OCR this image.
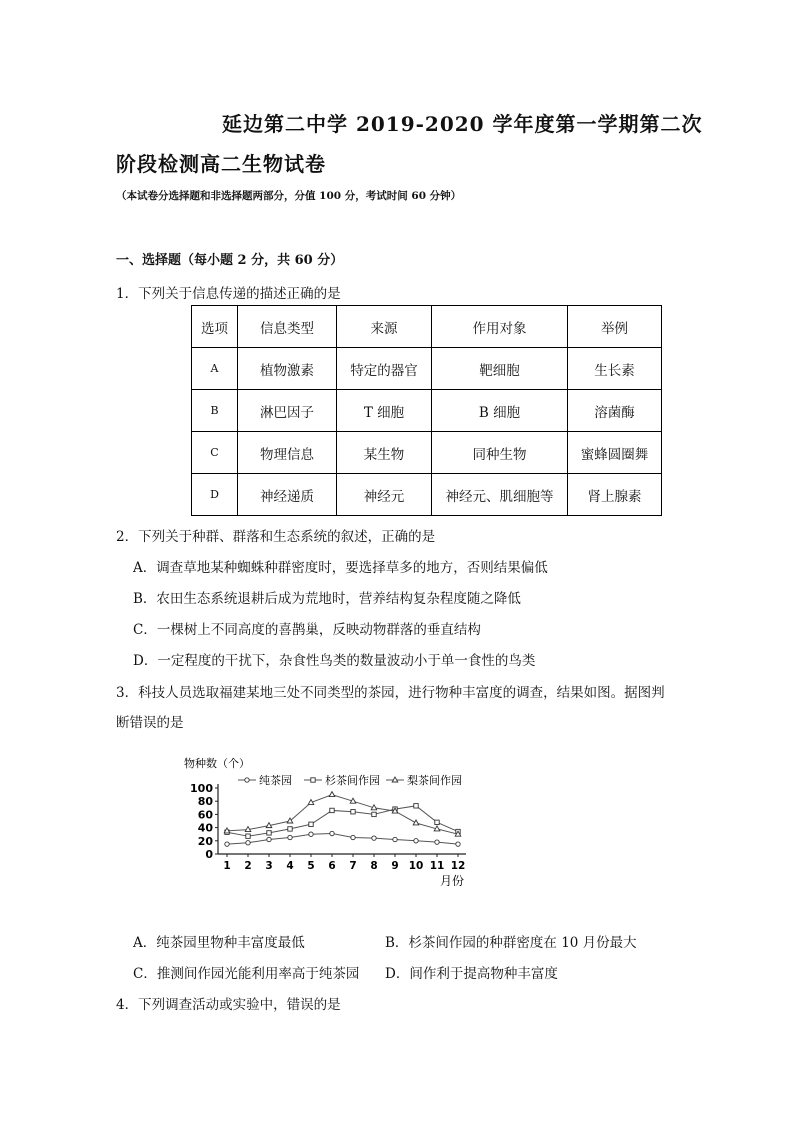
延边第二中学 2019-2020 学年度第一学期第二次
阶段检测高二生物试卷
（本试卷分选择题和非选择题两部分，分值 100 分，考试时间 60 分钟）
一、选择题（每小题 2 分，共 60 分）
1．下列关于信息传递的描述正确的是
选项	信息类型	来源	作用对象	举例
A	植物激素	特定的器官	靶细胞	生长素
B	淋巴因子	T 细胞	B 细胞	溶菌酶
C	物理信息	某生物	同种生物	蜜蜂圆圈舞
D	神经递质	神经元	神经元、肌细胞等	肾上腺素
2．下列关于种群、群落和生态系统的叙述，正确的是
A．调查草地某种蜘蛛种群密度时，要选择草多的地方，否则结果偏低
B．农田生态系统退耕后成为荒地时，营养结构复杂程度随之降低
C．一棵树上不同高度的喜鹊巢，反映动物群落的垂直结构
D．一定程度的干扰下，杂食性鸟类的数量波动小于单一食性的鸟类
3．科技人员选取福建某地三处不同类型的茶园，进行物种丰富度的调查，结果如图。据图判
断错误的是
物种数（个）
纯茶园	杉茶间作园 梨茶间作园
0
20
40
60
80
100
1 2 3 4 5 6 7 8 9 10 11 12
月份
A．纯茶园里物种丰富度最低	B．杉茶间作园的种群密度在 10 月份最大
C．推测间作园光能利用率高于纯茶园 D．间作利于提高物种丰富度
4．下列调查活动或实验中，错误的是
